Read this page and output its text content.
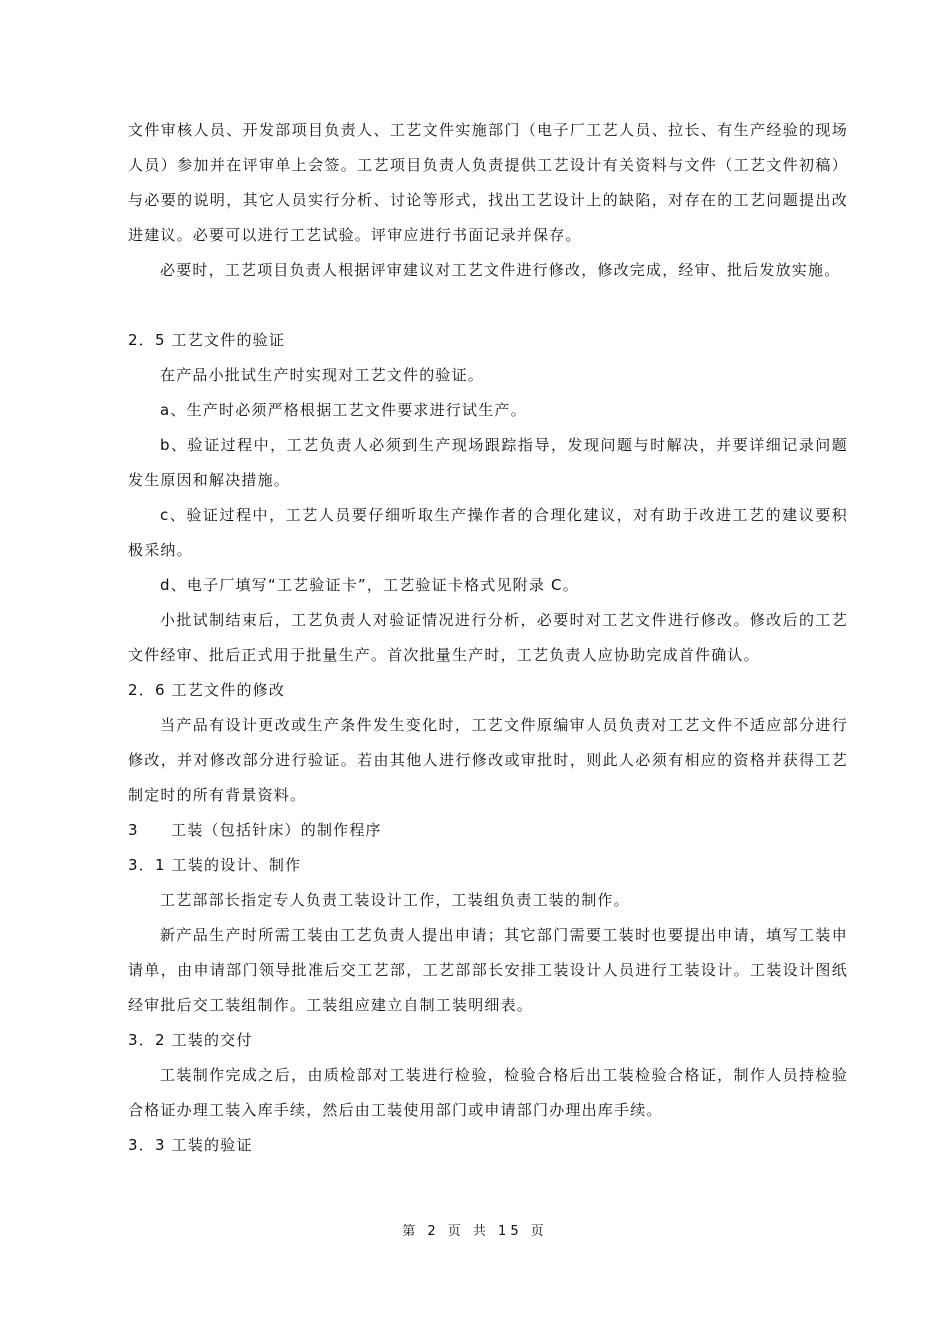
文件审核人员、开发部项目负责人、工艺文件实施部门（电子厂工艺人员、拉长、有生产经验的现场人员）参加并在评审单上会签。工艺项目负责人负责提供工艺设计有关资料与文件（工艺文件初稿）与必要的说明，其它人员实行分析、讨论等形式，找出工艺设计上的缺陷，对存在的工艺问题提出改进建议。必要可以进行工艺试验。评审应进行书面记录并保存。

必要时，工艺项目负责人根据评审建议对工艺文件进行修改，修改完成，经审、批后发放实施。

2．5 工艺文件的验证

在产品小批试生产时实现对工艺文件的验证。

a、生产时必须严格根据工艺文件要求进行试生产。

b、验证过程中，工艺负责人必须到生产现场跟踪指导，发现问题与时解决，并要详细记录问题发生原因和解决措施。

c、验证过程中，工艺人员要仔细听取生产操作者的合理化建议，对有助于改进工艺的建议要积极采纳。

d、电子厂填写“工艺验证卡”，工艺验证卡格式见附录 C。

小批试制结束后，工艺负责人对验证情况进行分析，必要时对工艺文件进行修改。修改后的工艺文件经审、批后正式用于批量生产。首次批量生产时，工艺负责人应协助完成首件确认。

2．6 工艺文件的修改

当产品有设计更改或生产条件发生变化时，工艺文件原编审人员负责对工艺文件不适应部分进行修改，并对修改部分进行验证。若由其他人进行修改或审批时，则此人必须有相应的资格并获得工艺制定时的所有背景资料。

3　　工装（包括针床）的制作程序

3．1 工装的设计、制作

工艺部部长指定专人负责工装设计工作，工装组负责工装的制作。

新产品生产时所需工装由工艺负责人提出申请；其它部门需要工装时也要提出申请，填写工装申请单，由申请部门领导批准后交工艺部，工艺部部长安排工装设计人员进行工装设计。工装设计图纸经审批后交工装组制作。工装组应建立自制工装明细表。

3．2 工装的交付

工装制作完成之后，由质检部对工装进行检验，检验合格后出工装检验合格证，制作人员持检验合格证办理工装入库手续，然后由工装使用部门或申请部门办理出库手续。

3．3 工装的验证

第 2 页 共 15 页
